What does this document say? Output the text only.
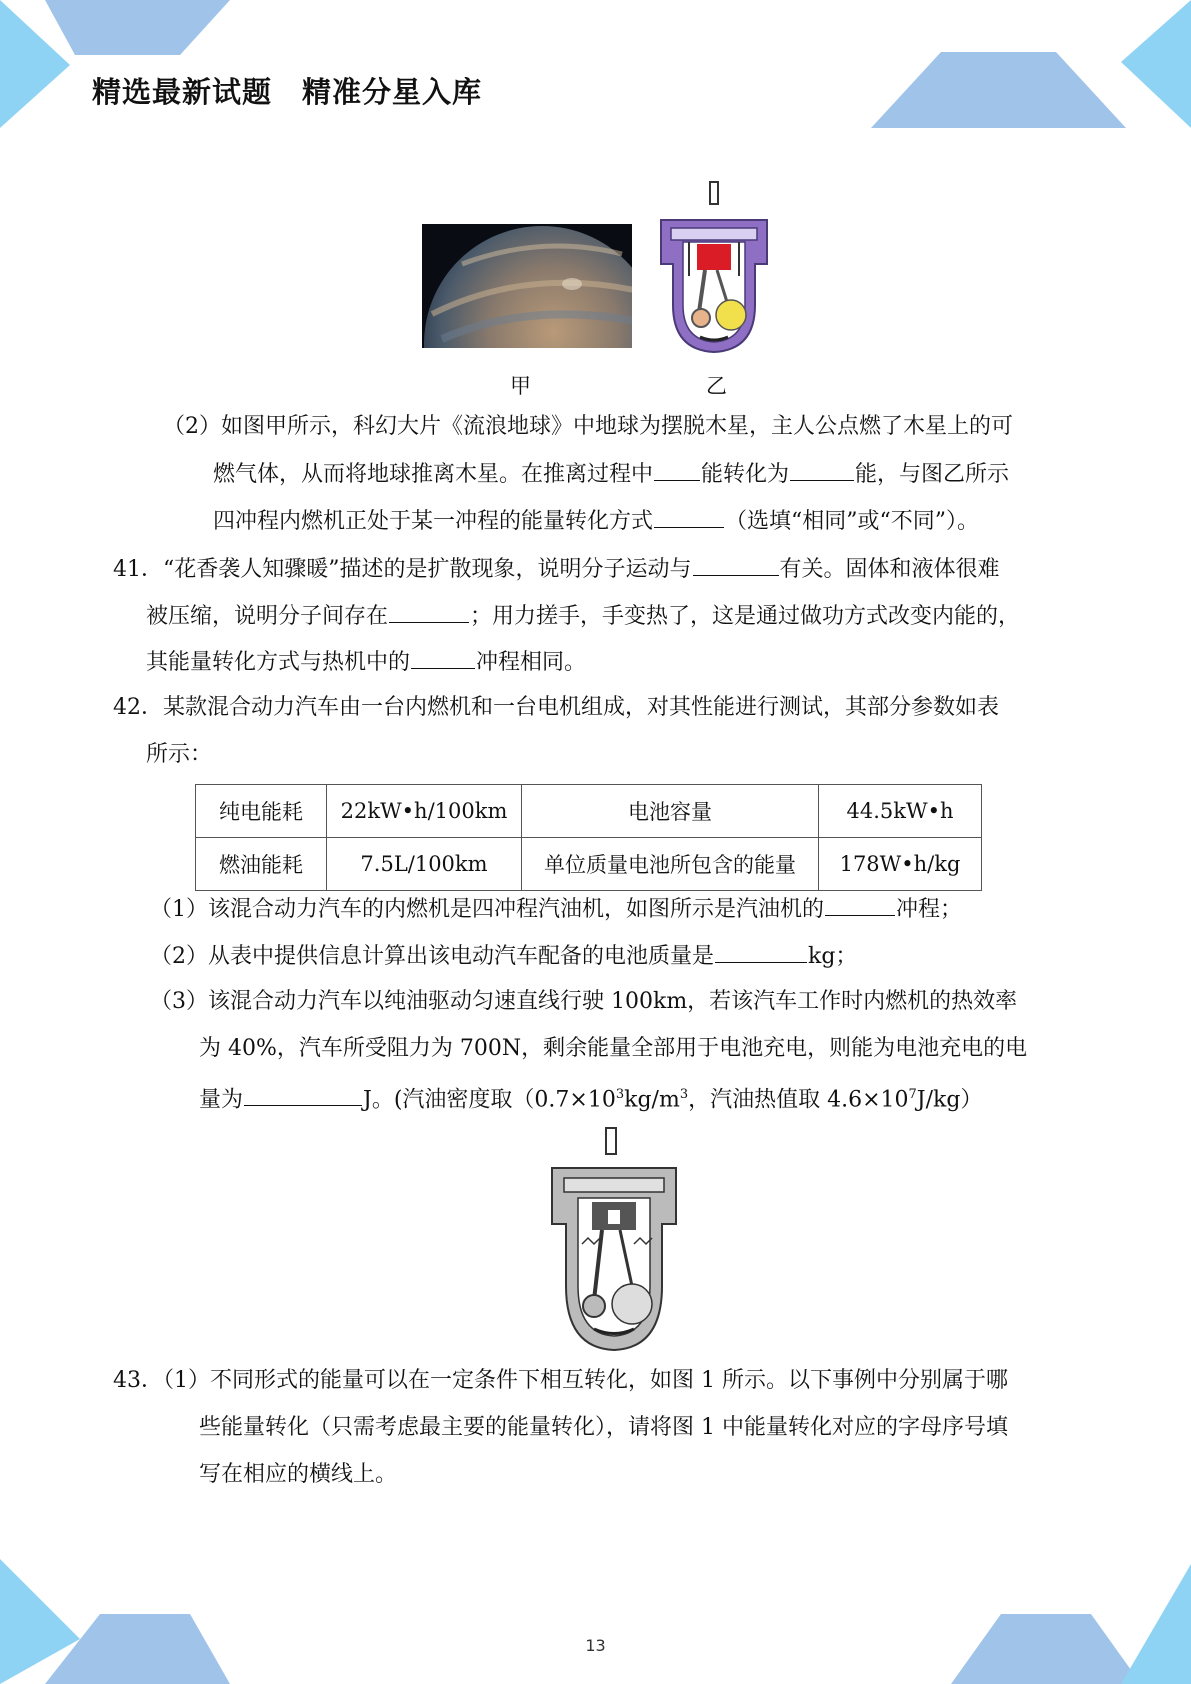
精选最新试题 精准分星入库
甲	乙
（2）如图甲所示，科幻大片《流浪地球》中地球为摆脱木星，主人公点燃了木星上的可
燃气体，从而将地球推离木星。在推离过程中 能转化为	能，与图乙所示
四冲程内燃机正处于某一冲程的能量转化方式	（选填“相同”或“不同”）。
41．“花香袭人知骤暖”描述的是扩散现象，说明分子运动与	有关。固体和液体很难
被压缩，说明分子间存在	；用力搓手，手变热了，这是通过做功方式改变内能的，
其能量转化方式与热机中的	冲程相同。
42．某款混合动力汽车由一台内燃机和一台电机组成，对其性能进行测试，其部分参数如表
所示：
纯电能耗	22kW•h/100km	电池容量	44.5kW•h
燃油能耗	7.5L/100km	单位质量电池所包含的能量	178W•h/kg
（1）该混合动力汽车的内燃机是四冲程汽油机，如图所示是汽油机的	冲程；
（2）从表中提供信息计算出该电动汽车配备的电池质量是	kg；
（3）该混合动力汽车以纯油驱动匀速直线行驶 100km，若该汽车工作时内燃机的热效率
为 40%，汽车所受阻力为 700N，剩余能量全部用于电池充电，则能为电池充电的电
量为	J。(汽油密度取（$0.7\times 10^3kg/m^3$，汽油热值取 $4.6\times 10^7J/kg$）
43．（1）不同形式的能量可以在一定条件下相互转化，如图 1 所示。以下事例中分别属于哪
些能量转化（只需考虑最主要的能量转化），请将图 1 中能量转化对应的字母序号填
写在相应的横线上。
13
